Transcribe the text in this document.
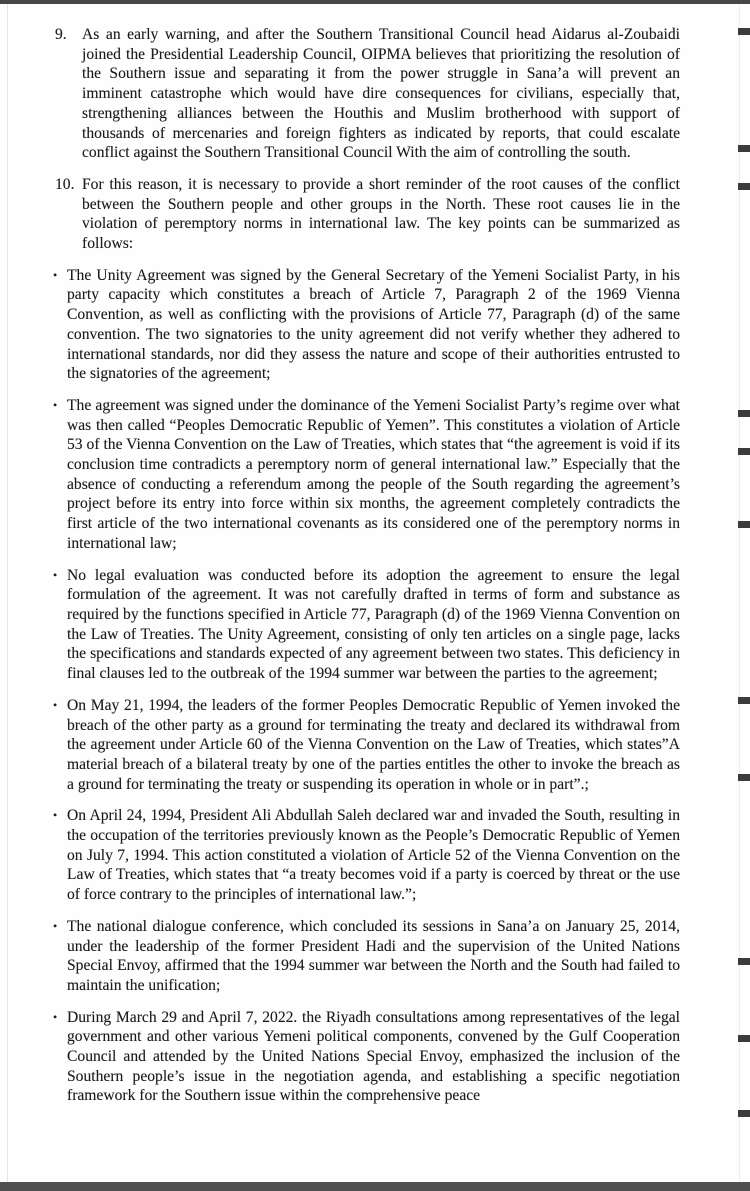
9. As an early warning, and after the Southern Transitional Council head Aidarus al-Zoubaidi joined the Presidential Leadership Council, OIPMA believes that prioritizing the resolution of the Southern issue and separating it from the power struggle in Sana’a will prevent an imminent catastrophe which would have dire consequences for civilians, especially that, strengthening alliances between the Houthis and Muslim brotherhood with support of thousands of mercenaries and foreign fighters as indicated by reports, that could escalate conflict against the Southern Transitional Council With the aim of controlling the south.
10. For this reason, it is necessary to provide a short reminder of the root causes of the conflict between the Southern people and other groups in the North. These root causes lie in the violation of peremptory norms in international law. The key points can be summarized as follows:
• The Unity Agreement was signed by the General Secretary of the Yemeni Socialist Party, in his party capacity which constitutes a breach of Article 7, Paragraph 2 of the 1969 Vienna Convention, as well as conflicting with the provisions of Article 77, Paragraph (d) of the same convention. The two signatories to the unity agreement did not verify whether they adhered to international standards, nor did they assess the nature and scope of their authorities entrusted to the signatories of the agreement;
• The agreement was signed under the dominance of the Yemeni Socialist Party’s regime over what was then called “Peoples Democratic Republic of Yemen”. This constitutes a violation of Article 53 of the Vienna Convention on the Law of Treaties, which states that “the agreement is void if its conclusion time contradicts a peremptory norm of general international law.” Especially that the absence of conducting a referendum among the people of the South regarding the agreement’s project before its entry into force within six months, the agreement completely contradicts the first article of the two international covenants as its considered one of the peremptory norms in international law;
• No legal evaluation was conducted before its adoption the agreement to ensure the legal formulation of the agreement. It was not carefully drafted in terms of form and substance as required by the functions specified in Article 77, Paragraph (d) of the 1969 Vienna Convention on the Law of Treaties. The Unity Agreement, consisting of only ten articles on a single page, lacks the specifications and standards expected of any agreement between two states. This deficiency in final clauses led to the outbreak of the 1994 summer war between the parties to the agreement;
• On May 21, 1994, the leaders of the former Peoples Democratic Republic of Yemen invoked the breach of the other party as a ground for terminating the treaty and declared its withdrawal from the agreement under Article 60 of the Vienna Convention on the Law of Treaties, which states”A material breach of a bilateral treaty by one of the parties entitles the other to invoke the breach as a ground for terminating the treaty or suspending its operation in whole or in part”.;
• On April 24, 1994, President Ali Abdullah Saleh declared war and invaded the South, resulting in the occupation of the territories previously known as the People’s Democratic Republic of Yemen on July 7, 1994. This action constituted a violation of Article 52 of the Vienna Convention on the Law of Treaties, which states that “a treaty becomes void if a party is coerced by threat or the use of force contrary to the principles of international law.”;
• The national dialogue conference, which concluded its sessions in Sana’a on January 25, 2014, under the leadership of the former President Hadi and the supervision of the United Nations Special Envoy, affirmed that the 1994 summer war between the North and the South had failed to maintain the unification;
• During March 29 and April 7, 2022. the Riyadh consultations among representatives of the legal government and other various Yemeni political components, convened by the Gulf Cooperation Council and attended by the United Nations Special Envoy, emphasized the inclusion of the Southern people’s issue in the negotiation agenda, and establishing a specific negotiation framework for the Southern issue within the comprehensive peace
